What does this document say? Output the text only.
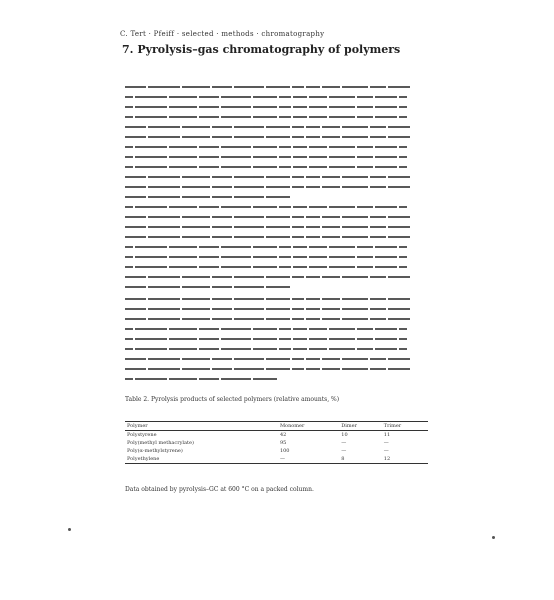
C. Tert · Pfeiff · selected · methods · chromatography
7. Pyrolysis–gas chromatography of polymers
Table 2. Pyrolysis products of selected polymers (relative amounts, %)
Polymer	Monomer	Dimer	Trimer
Polystyrene	42	10	11
Poly(methyl methacrylate)	95	—	—
Poly(α-methylstyrene)	100	—	—
Polyethylene	—	8	12
Data obtained by pyrolysis–GC at 600 °C on a packed column.
